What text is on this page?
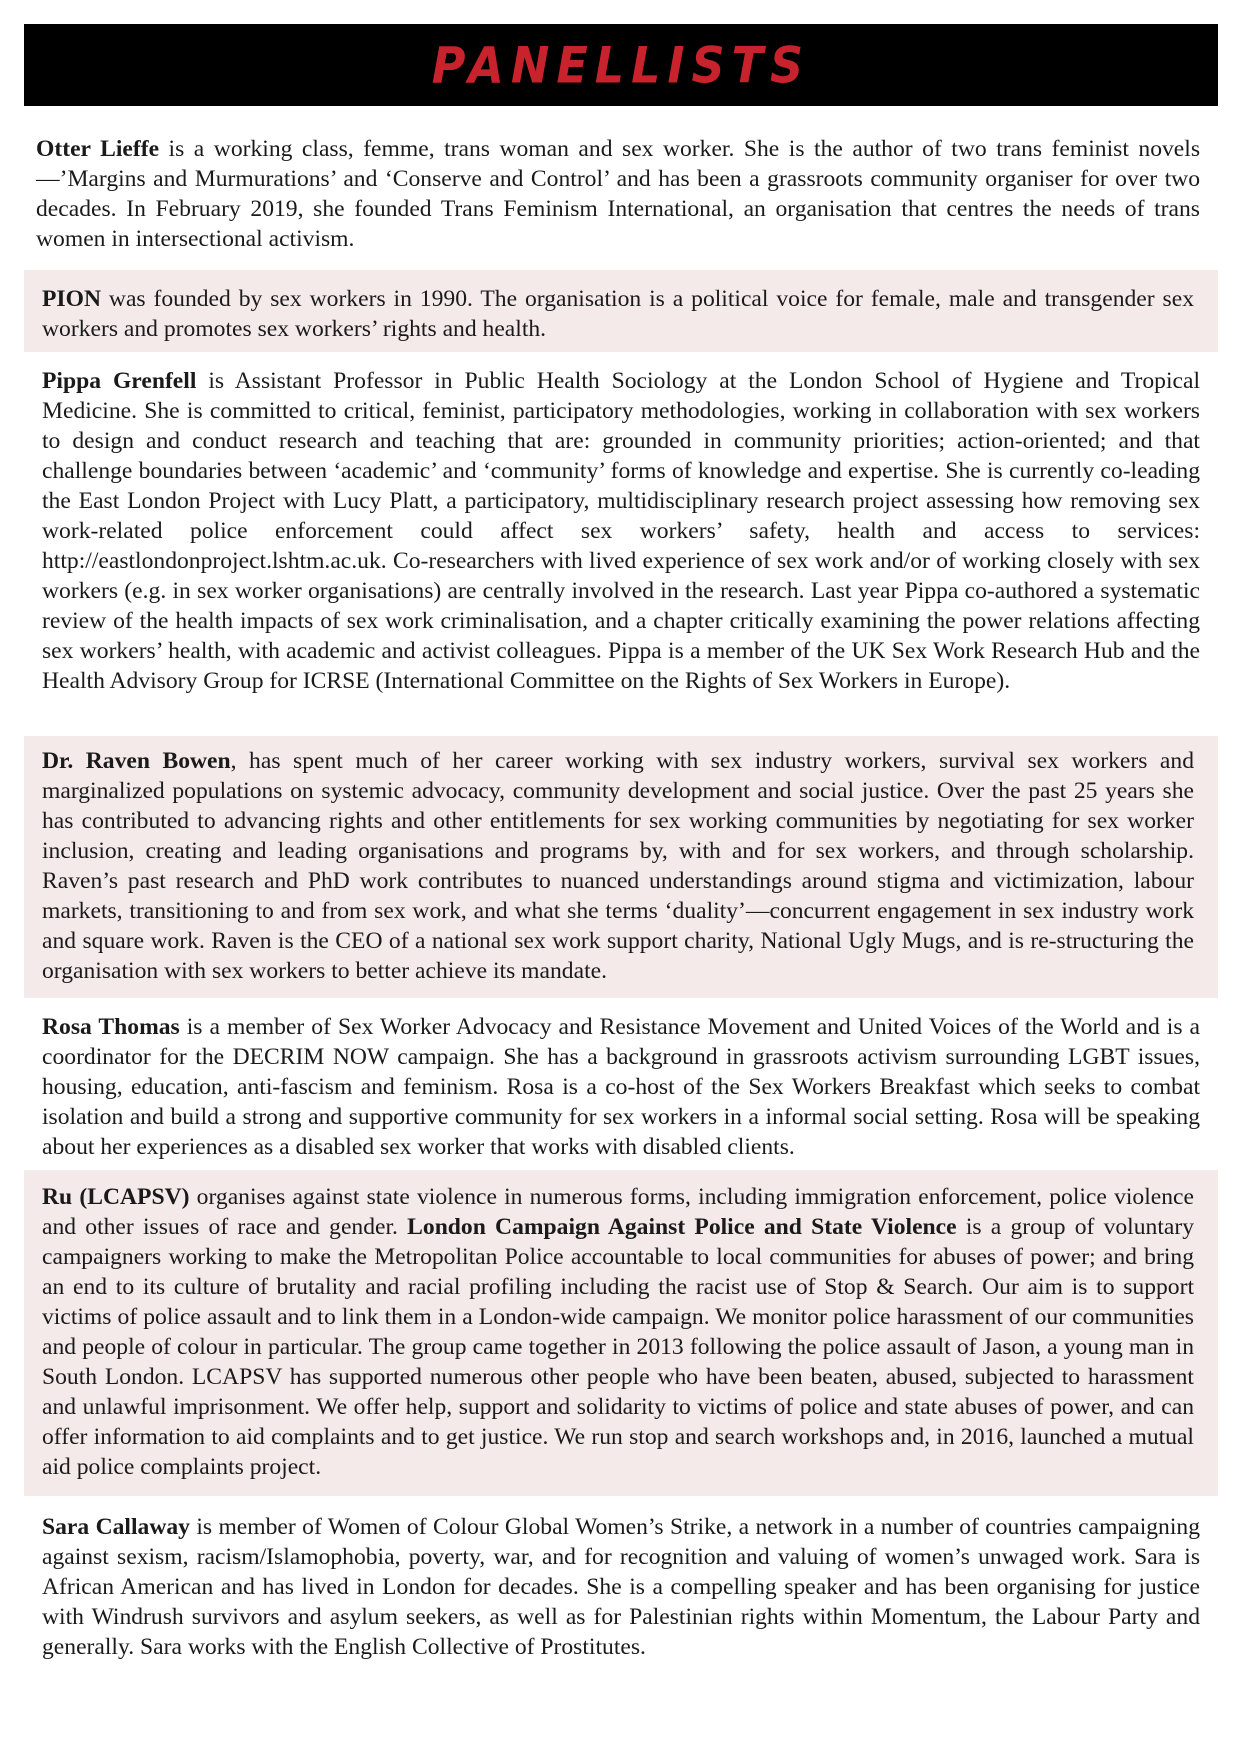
PANELLISTS

Otter Lieffe is a working class, femme, trans woman and sex worker. She is the author of two trans feminist novels—’Margins and Murmurations’ and ‘Conserve and Control’ and has been a grassroots community organiser for over two decades. In February 2019, she founded Trans Feminism International, an organisation that centres the needs of trans women in intersectional activism.

PION was founded by sex workers in 1990. The organisation is a political voice for female, male and transgender sex workers and promotes sex workers’ rights and health.

Pippa Grenfell is Assistant Professor in Public Health Sociology at the London School of Hygiene and Tropical Medicine. She is committed to critical, feminist, participatory methodologies, working in collaboration with sex workers to design and conduct research and teaching that are: grounded in community priorities; action-oriented; and that challenge boundaries between ‘academic’ and ‘community’ forms of knowledge and expertise. She is currently co-leading the East London Project with Lucy Platt, a participatory, multidisciplinary research project assessing how removing sex work-related police enforcement could affect sex workers’ safety, health and access to services: http://eastlondonproject.lshtm.ac.uk. Co-researchers with lived experience of sex work and/or of working closely with sex workers (e.g. in sex worker organisations) are centrally involved in the research. Last year Pippa co-authored a systematic review of the health impacts of sex work criminalisation, and a chapter critically examining the power relations affecting sex workers’ health, with academic and activist colleagues. Pippa is a member of the UK Sex Work Research Hub and the Health Advisory Group for ICRSE (International Committee on the Rights of Sex Workers in Europe).

Dr. Raven Bowen, has spent much of her career working with sex industry workers, survival sex workers and marginalized populations on systemic advocacy, community development and social justice. Over the past 25 years she has contributed to advancing rights and other entitlements for sex working communities by negotiating for sex worker inclusion, creating and leading organisations and programs by, with and for sex workers, and through scholarship. Raven’s past research and PhD work contributes to nuanced understandings around stigma and victimization, labour markets, transitioning to and from sex work, and what she terms ‘duality’—concurrent engagement in sex industry work and square work. Raven is the CEO of a national sex work support charity, National Ugly Mugs, and is re-structuring the organisation with sex workers to better achieve its mandate.

Rosa Thomas is a member of Sex Worker Advocacy and Resistance Movement and United Voices of the World and is a coordinator for the DECRIM NOW campaign. She has a background in grassroots activism surrounding LGBT issues, housing, education, anti-fascism and feminism. Rosa is a co-host of the Sex Workers Breakfast which seeks to combat isolation and build a strong and supportive community for sex workers in a informal social setting. Rosa will be speaking about her experiences as a disabled sex worker that works with disabled clients.

Ru (LCAPSV) organises against state violence in numerous forms, including immigration enforcement, police violence and other issues of race and gender. London Campaign Against Police and State Violence is a group of voluntary campaigners working to make the Metropolitan Police accountable to local communities for abuses of power; and bring an end to its culture of brutality and racial profiling including the racist use of Stop & Search. Our aim is to support victims of police assault and to link them in a London-wide campaign. We monitor police harassment of our communities and people of colour in particular. The group came together in 2013 following the police assault of Jason, a young man in South London. LCAPSV has supported numerous other people who have been beaten, abused, subjected to harassment and unlawful imprisonment. We offer help, support and solidarity to victims of police and state abuses of power, and can offer information to aid complaints and to get justice. We run stop and search workshops and, in 2016, launched a mutual aid police complaints project.

Sara Callaway is member of Women of Colour Global Women’s Strike, a network in a number of countries campaigning against sexism, racism/Islamophobia, poverty, war, and for recognition and valuing of women’s unwaged work. Sara is African American and has lived in London for decades. She is a compelling speaker and has been organising for justice with Windrush survivors and asylum seekers, as well as for Palestinian rights within Momentum, the Labour Party and generally. Sara works with the English Collective of Prostitutes.
